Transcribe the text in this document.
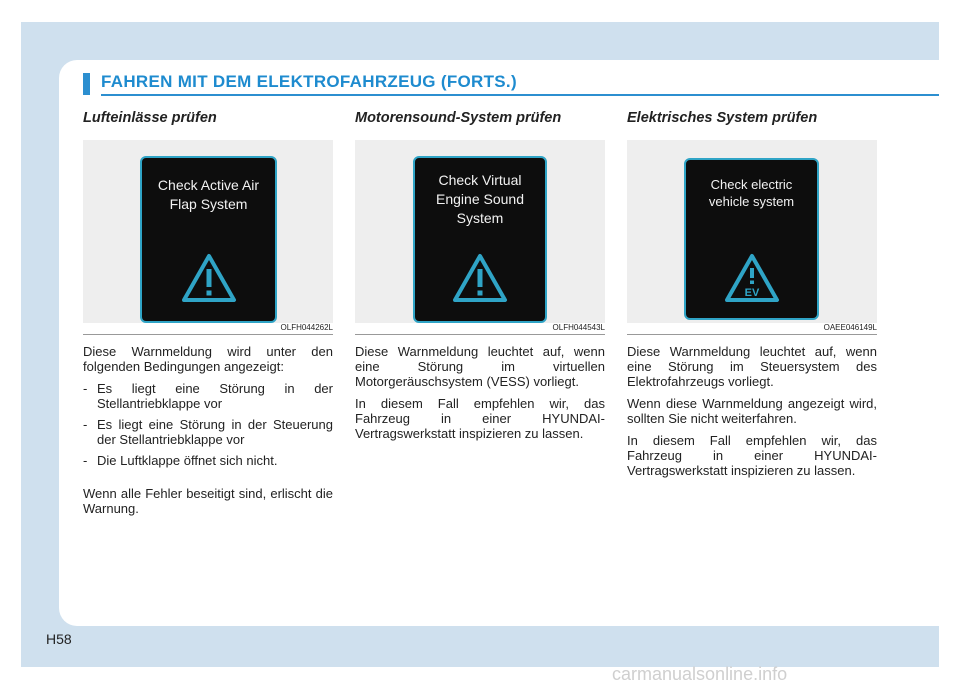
FAHREN MIT DEM ELEKTROFAHRZEUG (FORTS.)
Lufteinlässe prüfen
Check Active Air Flap System
OLFH044262L

Diese Warnmeldung wird unter den folgenden Bedingungen angezeigt:

- Es liegt eine Störung in der Stellantriebklappe vor
- Es liegt eine Störung in der Steuerung der Stellantriebklappe vor
- Die Luftklappe öffnet sich nicht.

Wenn alle Fehler beseitigt sind, erlischt die Warnung.

Motorensound-System prüfen
Check Virtual Engine Sound System
OLFH044543L

Diese Warnmeldung leuchtet auf, wenn eine Störung im virtuellen Motorgeräuschsystem (VESS) vorliegt.

In diesem Fall empfehlen wir, das Fahrzeug in einer HYUNDAI-Vertragswerkstatt inspizieren zu lassen.

Elektrisches System prüfen
Check electric vehicle system
EV
OAEE046149L

Diese Warnmeldung leuchtet auf, wenn eine Störung im Steuersystem des Elektrofahrzeugs vorliegt.

Wenn diese Warnmeldung angezeigt wird, sollten Sie nicht weiterfahren.

In diesem Fall empfehlen wir, das Fahrzeug in einer HYUNDAI-Vertragswerkstatt inspizieren zu lassen.

H58
carmanualsonline.info
